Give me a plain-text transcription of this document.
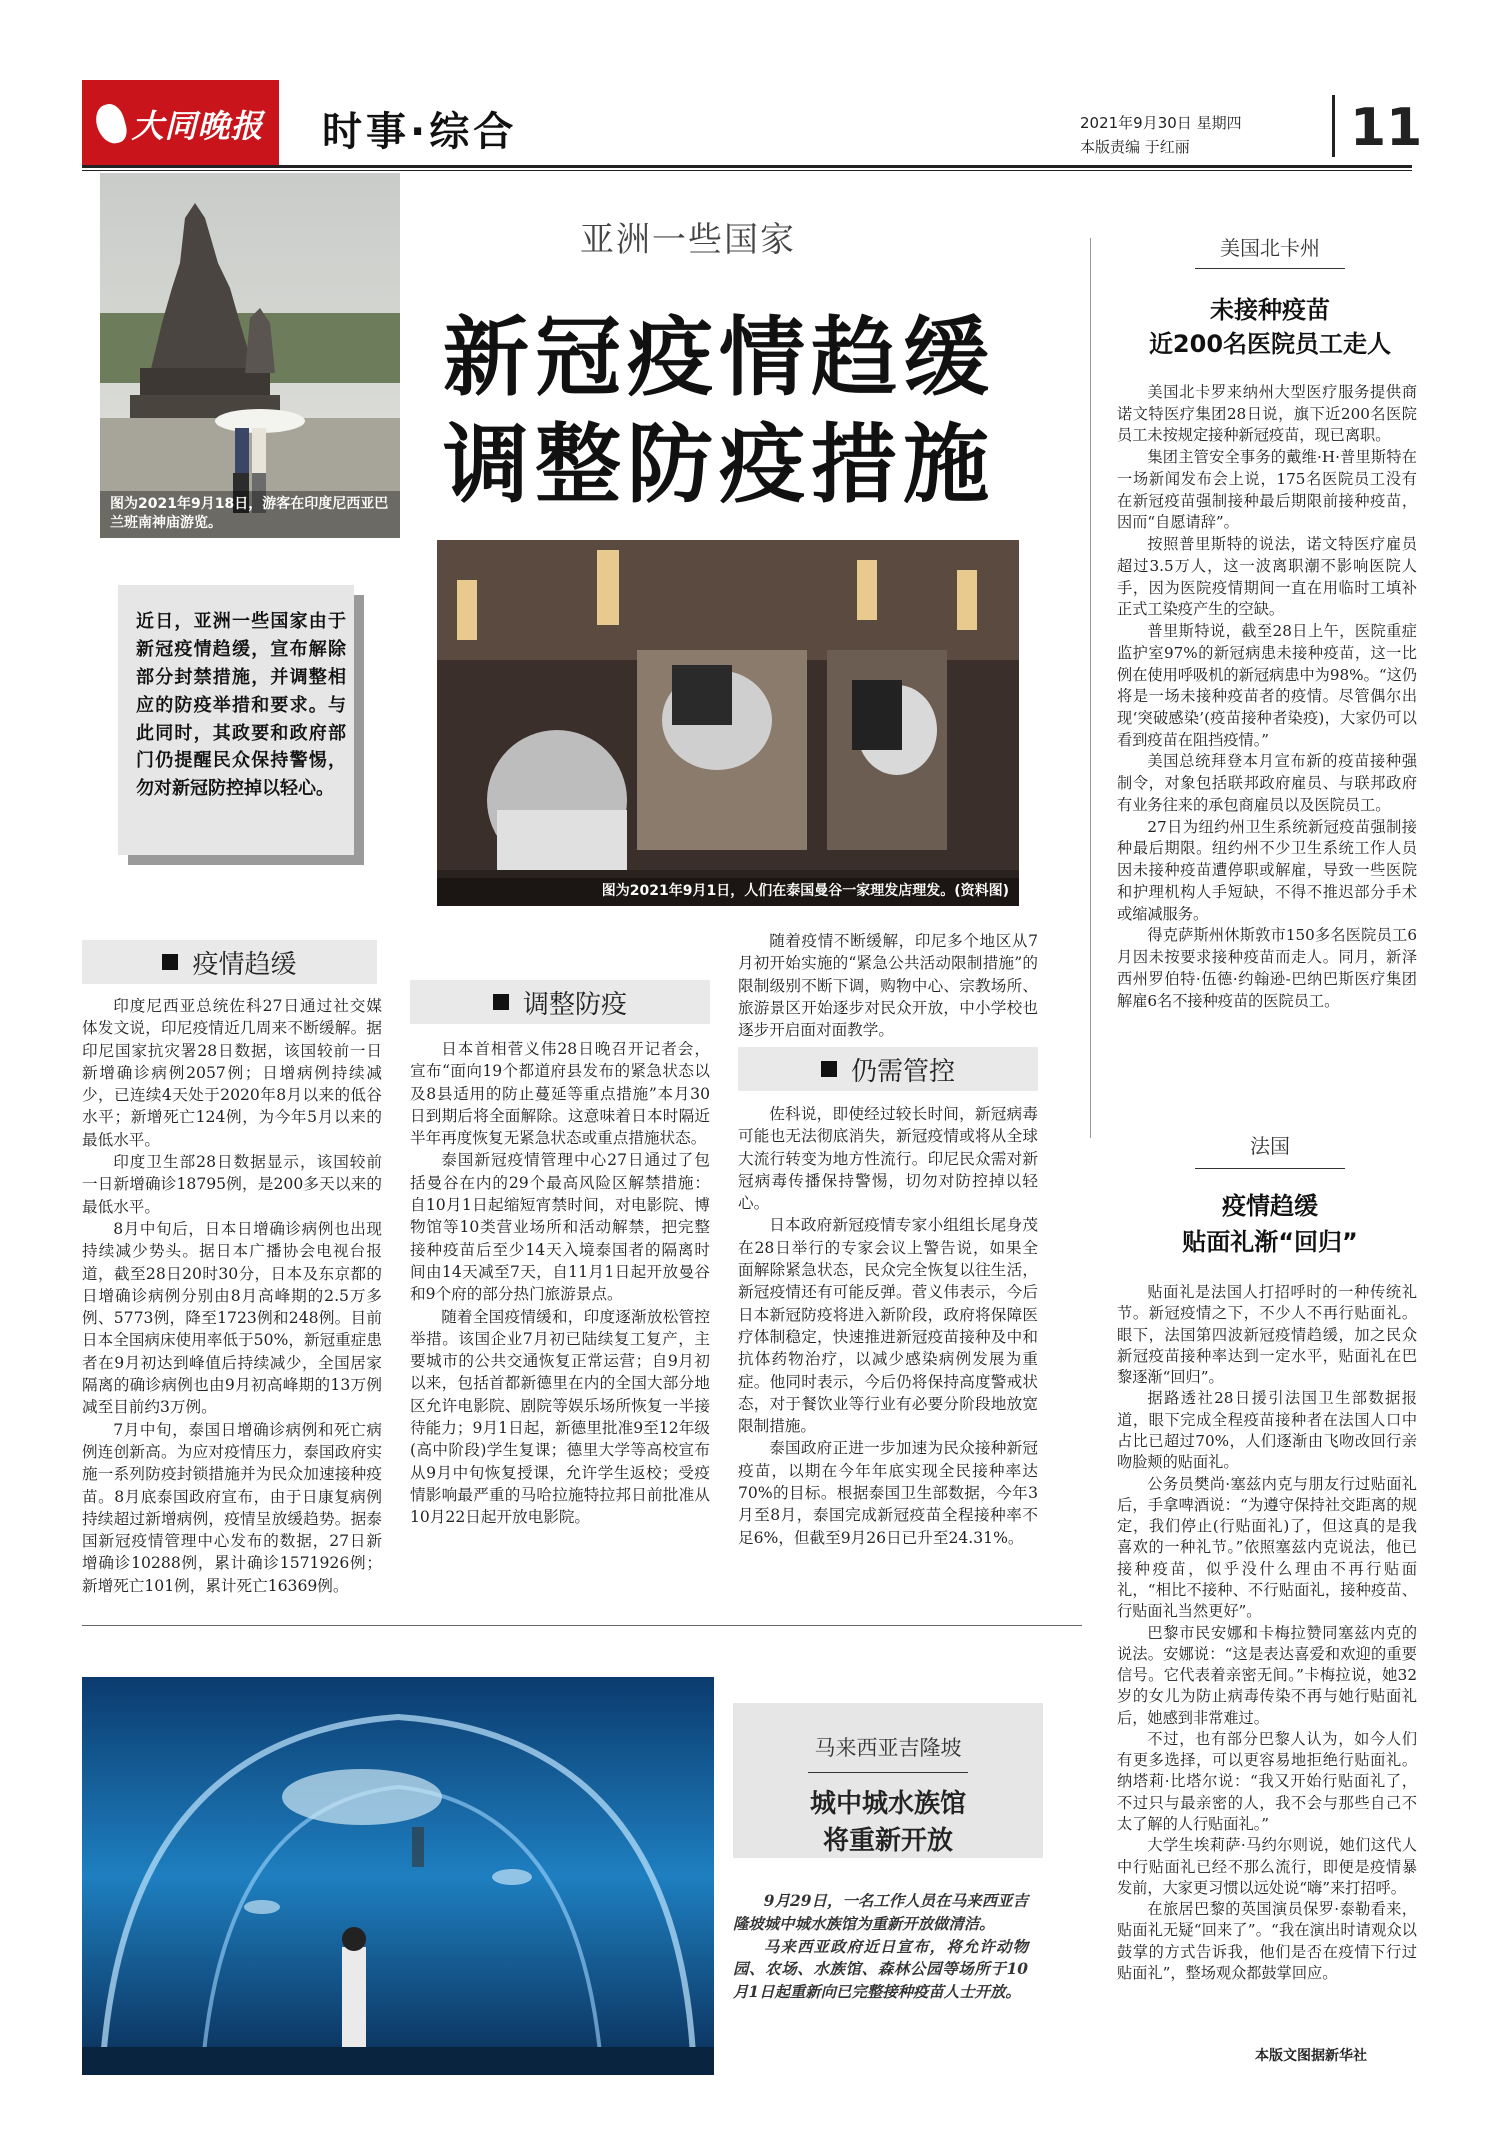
大同晚报 时事·综合	2021年9月30日 星期四
本版责编 于红丽	11
图为2021年9月18日，游客在印度尼西亚巴兰班南神庙游览。
亚洲一些国家
新冠疫情趋缓
调整防疫措施
近日，亚洲一些国家由于新冠疫情趋缓，宣布解除部分封禁措施，并调整相应的防疫举措和要求。与此同时，其政要和政府部门仍提醒民众保持警惕，勿对新冠防控掉以轻心。
图为2021年9月1日，人们在泰国曼谷一家理发店理发。(资料图)
疫情趋缓

印度尼西亚总统佐科27日通过社交媒体发文说，印尼疫情近几周来不断缓解。据印尼国家抗灾署28日数据，该国较前一日新增确诊病例2057例；日增病例持续减少，已连续4天处于2020年8月以来的低谷水平；新增死亡124例，为今年5月以来的最低水平。

印度卫生部28日数据显示，该国较前一日新增确诊18795例，是200多天以来的最低水平。

8月中旬后，日本日增确诊病例也出现持续减少势头。据日本广播协会电视台报道，截至28日20时30分，日本及东京都的日增确诊病例分别由8月高峰期的2.5万多例、5773例，降至1723例和248例。目前日本全国病床使用率低于50%，新冠重症患者在9月初达到峰值后持续减少，全国居家隔离的确诊病例也由9月初高峰期的13万例减至目前约3万例。

7月中旬，泰国日增确诊病例和死亡病例连创新高。为应对疫情压力，泰国政府实施一系列防疫封锁措施并为民众加速接种疫苗。8月底泰国政府宣布，由于日康复病例持续超过新增病例，疫情呈放缓趋势。据泰国新冠疫情管理中心发布的数据，27日新增确诊10288例，累计确诊1571926例；新增死亡101例，累计死亡16369例。

调整防疫

日本首相菅义伟28日晚召开记者会，宣布“面向19个都道府县发布的紧急状态以及8县适用的防止蔓延等重点措施”本月30日到期后将全面解除。这意味着日本时隔近半年再度恢复无紧急状态或重点措施状态。

泰国新冠疫情管理中心27日通过了包括曼谷在内的29个最高风险区解禁措施：自10月1日起缩短宵禁时间，对电影院、博物馆等10类营业场所和活动解禁，把完整接种疫苗后至少14天入境泰国者的隔离时间由14天减至7天，自11月1日起开放曼谷和9个府的部分热门旅游景点。

随着全国疫情缓和，印度逐渐放松管控举措。该国企业7月初已陆续复工复产，主要城市的公共交通恢复正常运营；自9月初以来，包括首都新德里在内的全国大部分地区允许电影院、剧院等娱乐场所恢复一半接待能力；9月1日起，新德里批准9至12年级(高中阶段)学生复课；德里大学等高校宣布从9月中旬恢复授课，允许学生返校；受疫情影响最严重的马哈拉施特拉邦日前批准从10月22日起开放电影院。

随着疫情不断缓解，印尼多个地区从7月初开始实施的“紧急公共活动限制措施”的限制级别不断下调，购物中心、宗教场所、旅游景区开始逐步对民众开放，中小学校也逐步开启面对面教学。

仍需管控

佐科说，即使经过较长时间，新冠病毒可能也无法彻底消失，新冠疫情或将从全球大流行转变为地方性流行。印尼民众需对新冠病毒传播保持警惕，切勿对防控掉以轻心。

日本政府新冠疫情专家小组组长尾身茂在28日举行的专家会议上警告说，如果全面解除紧急状态，民众完全恢复以往生活，新冠疫情还有可能反弹。菅义伟表示，今后日本新冠防疫将进入新阶段，政府将保障医疗体制稳定，快速推进新冠疫苗接种及中和抗体药物治疗，以减少感染病例发展为重症。他同时表示，今后仍将保持高度警戒状态，对于餐饮业等行业有必要分阶段地放宽限制措施。

泰国政府正进一步加速为民众接种新冠疫苗，以期在今年年底实现全民接种率达70%的目标。根据泰国卫生部数据，今年3月至8月，泰国完成新冠疫苗全程接种率不足6%，但截至9月26日已升至24.31%。

美国北卡州
未接种疫苗
近200名医院员工走人

美国北卡罗来纳州大型医疗服务提供商诺文特医疗集团28日说，旗下近200名医院员工未按规定接种新冠疫苗，现已离职。

集团主管安全事务的戴维·H·普里斯特在一场新闻发布会上说，175名医院员工没有在新冠疫苗强制接种最后期限前接种疫苗，因而“自愿请辞”。

按照普里斯特的说法，诺文特医疗雇员超过3.5万人，这一波离职潮不影响医院人手，因为医院疫情期间一直在用临时工填补正式工染疫产生的空缺。

普里斯特说，截至28日上午，医院重症监护室97%的新冠病患未接种疫苗，这一比例在使用呼吸机的新冠病患中为98%。“这仍将是一场未接种疫苗者的疫情。尽管偶尔出现‘突破感染’(疫苗接种者染疫)，大家仍可以看到疫苗在阻挡疫情。”

美国总统拜登本月宣布新的疫苗接种强制令，对象包括联邦政府雇员、与联邦政府有业务往来的承包商雇员以及医院员工。

27日为纽约州卫生系统新冠疫苗强制接种最后期限。纽约州不少卫生系统工作人员因未接种疫苗遭停职或解雇，导致一些医院和护理机构人手短缺，不得不推迟部分手术或缩减服务。

得克萨斯州休斯敦市150多名医院员工6月因未按要求接种疫苗而走人。同月，新泽西州罗伯特·伍德·约翰逊-巴纳巴斯医疗集团解雇6名不接种疫苗的医院员工。

法国
疫情趋缓
贴面礼渐“回归”

贴面礼是法国人打招呼时的一种传统礼节。新冠疫情之下，不少人不再行贴面礼。眼下，法国第四波新冠疫情趋缓，加之民众新冠疫苗接种率达到一定水平，贴面礼在巴黎逐渐“回归”。

据路透社28日援引法国卫生部数据报道，眼下完成全程疫苗接种者在法国人口中占比已超过70%，人们逐渐由飞吻改回行亲吻脸颊的贴面礼。

公务员樊尚·塞兹内克与朋友行过贴面礼后，手拿啤酒说：“为遵守保持社交距离的规定，我们停止(行贴面礼)了，但这真的是我喜欢的一种礼节。”依照塞兹内克说法，他已接种疫苗，似乎没什么理由不再行贴面礼，“相比不接种、不行贴面礼，接种疫苗、行贴面礼当然更好”。

巴黎市民安娜和卡梅拉赞同塞兹内克的说法。安娜说：“这是表达喜爱和欢迎的重要信号。它代表着亲密无间。”卡梅拉说，她32岁的女儿为防止病毒传染不再与她行贴面礼后，她感到非常难过。

不过，也有部分巴黎人认为，如今人们有更多选择，可以更容易地拒绝行贴面礼。纳塔莉·比塔尔说：“我又开始行贴面礼了，不过只与最亲密的人，我不会与那些自己不太了解的人行贴面礼。”

大学生埃莉萨·马约尔则说，她们这代人中行贴面礼已经不那么流行，即便是疫情暴发前，大家更习惯以远处说“嗨”来打招呼。

在旅居巴黎的英国演员保罗·泰勒看来，贴面礼无疑“回来了”。“我在演出时请观众以鼓掌的方式告诉我，他们是否在疫情下行过贴面礼”，整场观众都鼓掌回应。

马来西亚吉隆坡
城中城水族馆
将重新开放

9月29日，一名工作人员在马来西亚吉隆坡城中城水族馆为重新开放做清洁。

马来西亚政府近日宣布，将允许动物园、农场、水族馆、森林公园等场所于10月1日起重新向已完整接种疫苗人士开放。

本版文图据新华社
